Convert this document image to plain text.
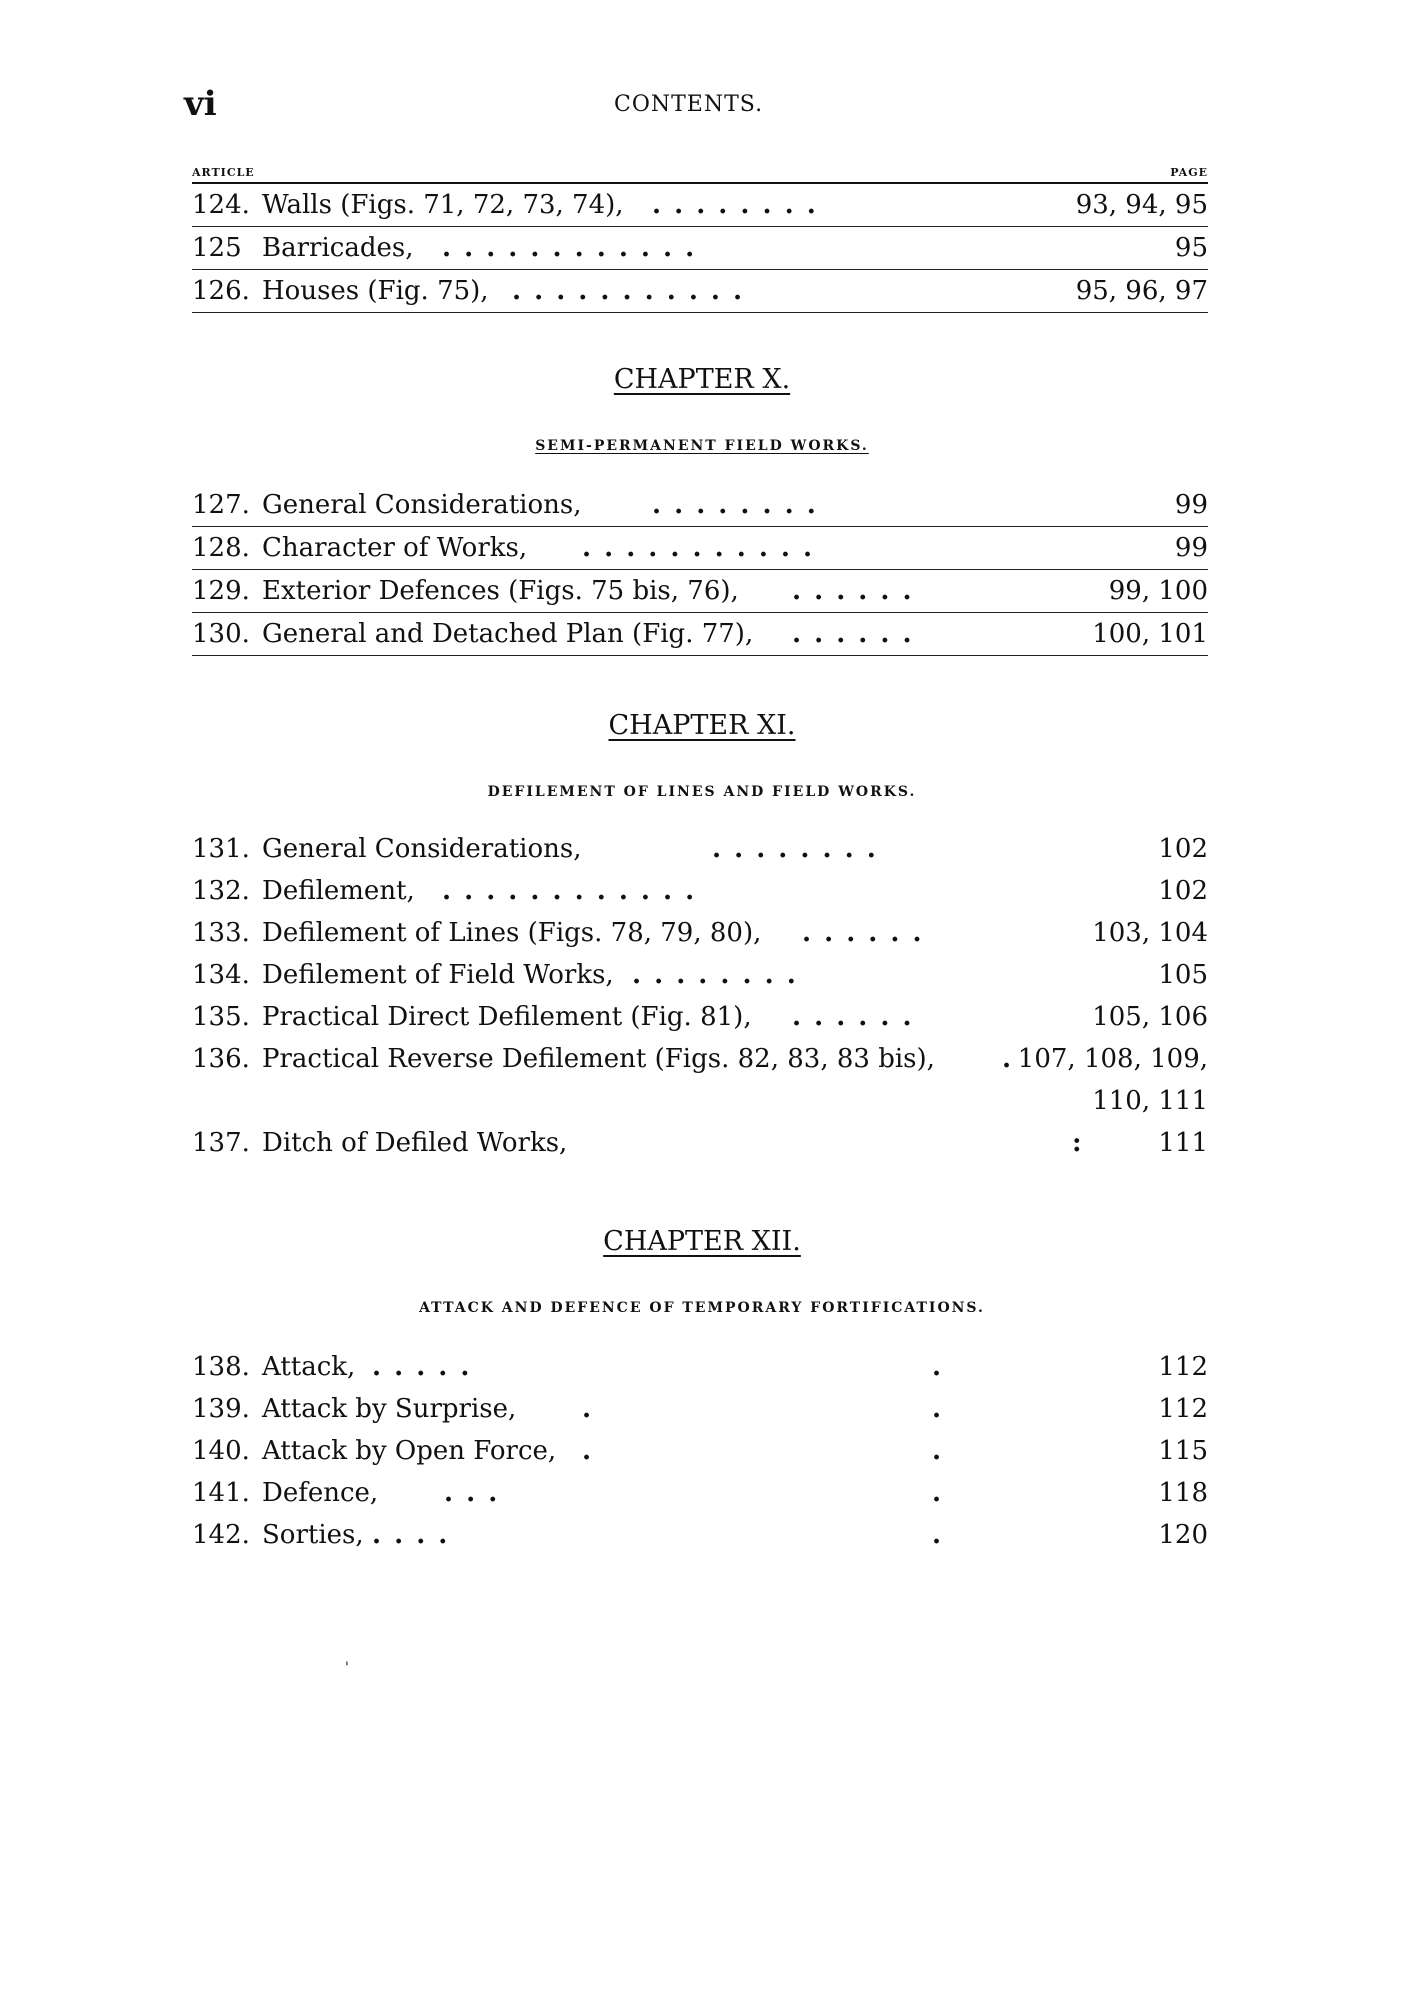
vi	CONTENTS.
ARTICLE	PAGE
124. Walls (Figs. 71, 72, 73, 74), . . . . . . . .	93, 94, 95
125 Barricades, . . . . . . . . . . . .	95
126. Houses (Fig. 75), . . . . . . . . . . .	95, 96, 97
CHAPTER X.
SEMI-PERMANENT FIELD WORKS.
127. General Considerations,	. . . . . . . .	99
128. Character of Works, . . . . . . . . . . .	99
129. Exterior Defences (Figs. 75 bis, 76), . . . . . .	99, 100
130. General and Detached Plan (Fig. 77), . . . . . .	100, 101
CHAPTER XI.
DEFILEMENT OF LINES AND FIELD WORKS.
131. General Considerations,	. . . . . . . .	102
132. Defilement, . . . . . . . . . . . .	102
133. Defilement of Lines (Figs. 78, 79, 80), . . . . . .	103, 104
134. Defilement of Field Works, . . . . . . . .	105
135. Practical Direct Defilement (Fig. 81), . . . . . .	105, 106
136. Practical Reverse Defilement (Figs. 82, 83, 83 bis),	. 107, 108, 109,
110, 111
137. Ditch of Defiled Works,	:	111
CHAPTER XII.
ATTACK AND DEFENCE OF TEMPORARY FORTIFICATIONS.
138. Attack, . . . . .	.	112
139. Attack by Surprise,	.	.	112
140. Attack by Open Force, .	.	115
141. Defence,	. . .	.	118
142. Sorties, . . . .	.	120
'
